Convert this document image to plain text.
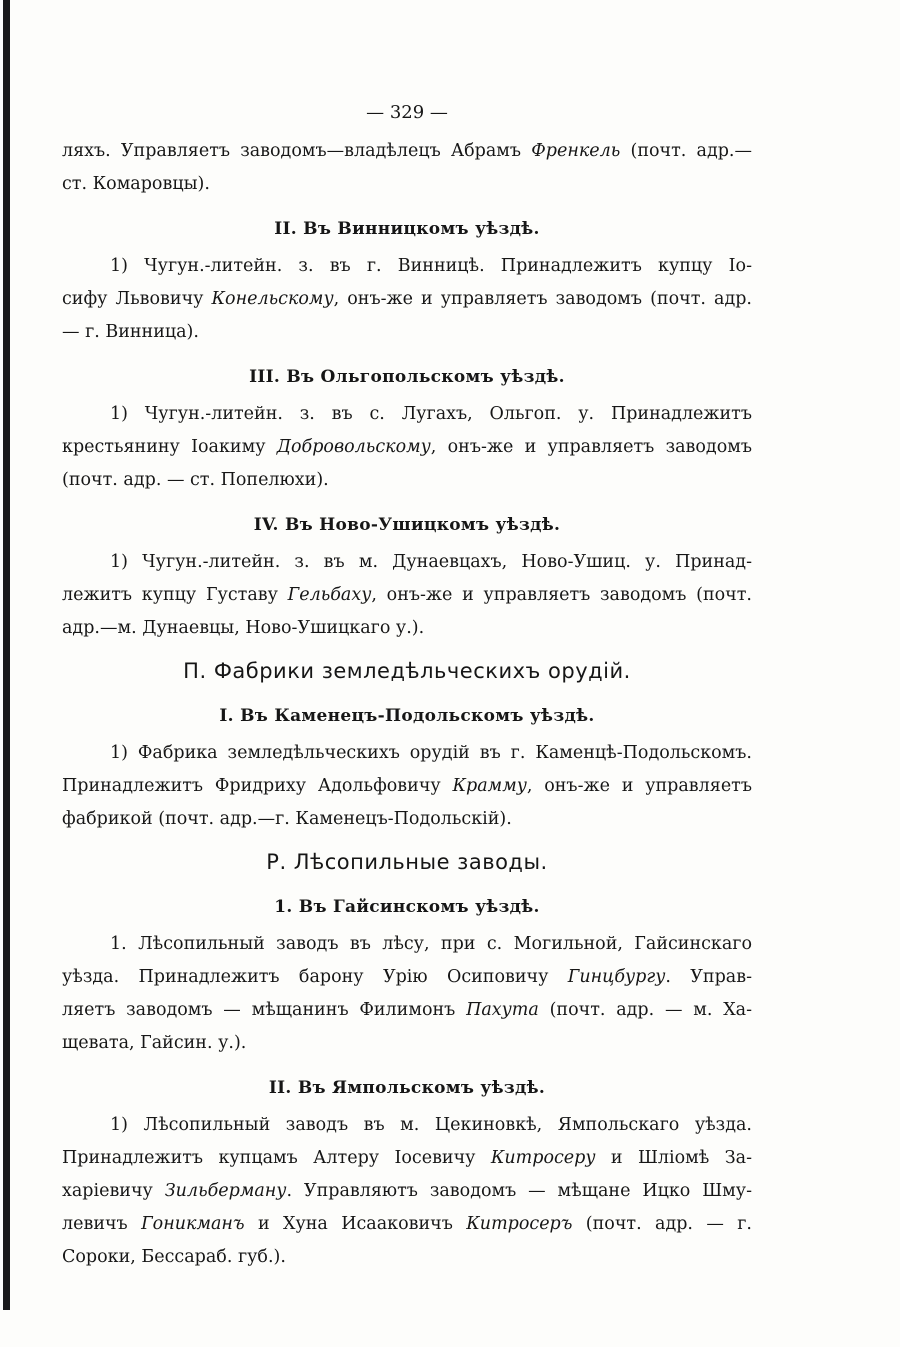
— 329 —
ляхъ. Управляетъ заводомъ—владѣлецъ Абрамъ Френкель (почт. адр.—
ст. Комаровцы).
II. Въ Винницкомъ уѣздѣ.
1) Чугун.-литейн. з. въ г. Винницѣ. Принадлежитъ купцу Іо-
сифу Львовичу Конельскому, онъ-же и управляетъ заводомъ (почт. адр.
— г. Винница).
III. Въ Ольгопольскомъ уѣздѣ.
1) Чугун.-литейн. з. въ с. Лугахъ, Ольгоп. у. Принадлежитъ
крестьянину Іоакиму Добровольскому, онъ-же и управляетъ заводомъ
(почт. адр. — ст. Попелюхи).
IV. Въ Ново-Ушицкомъ уѣздѣ.
1) Чугун.-литейн. з. въ м. Дунаевцахъ, Ново-Ушиц. у. Принад-
лежитъ купцу Густаву Гельбаху, онъ-же и управляетъ заводомъ (почт.
адр.—м. Дунаевцы, Ново-Ушицкаго у.).
П. Фабрики земледѣльческихъ орудій.
I. Въ Каменецъ-Подольскомъ уѣздѣ.
1) Фабрика земледѣльческихъ орудій въ г. Каменцѣ-Подольскомъ.
Принадлежитъ Фридриху Адольфовичу Крамму, онъ-же и управляетъ
фабрикой (почт. адр.—г. Каменецъ-Подольскій).
Р. Лѣсопильные заводы.
1. Въ Гайсинскомъ уѣздѣ.
1. Лѣсопильный заводъ въ лѣсу, при с. Могильной, Гайсинскаго
уѣзда. Принадлежитъ барону Урію Осиповичу Гинцбургу. Управ-
ляетъ заводомъ — мѣщанинъ Филимонъ Пахута (почт. адр. — м. Ха-
щевата, Гайсин. у.).
II. Въ Ямпольскомъ уѣздѣ.
1) Лѣсопильный заводъ въ м. Цекиновкѣ, Ямпольскаго уѣзда.
Принадлежитъ купцамъ Алтеру Іосевичу Китросеру и Шліомѣ За-
харіевичу Зильберману. Управляютъ заводомъ — мѣщане Ицко Шму-
левичъ Гоникманъ и Хуна Исааковичъ Китросеръ (почт. адр. — г.
Сороки, Бессараб. губ.).
